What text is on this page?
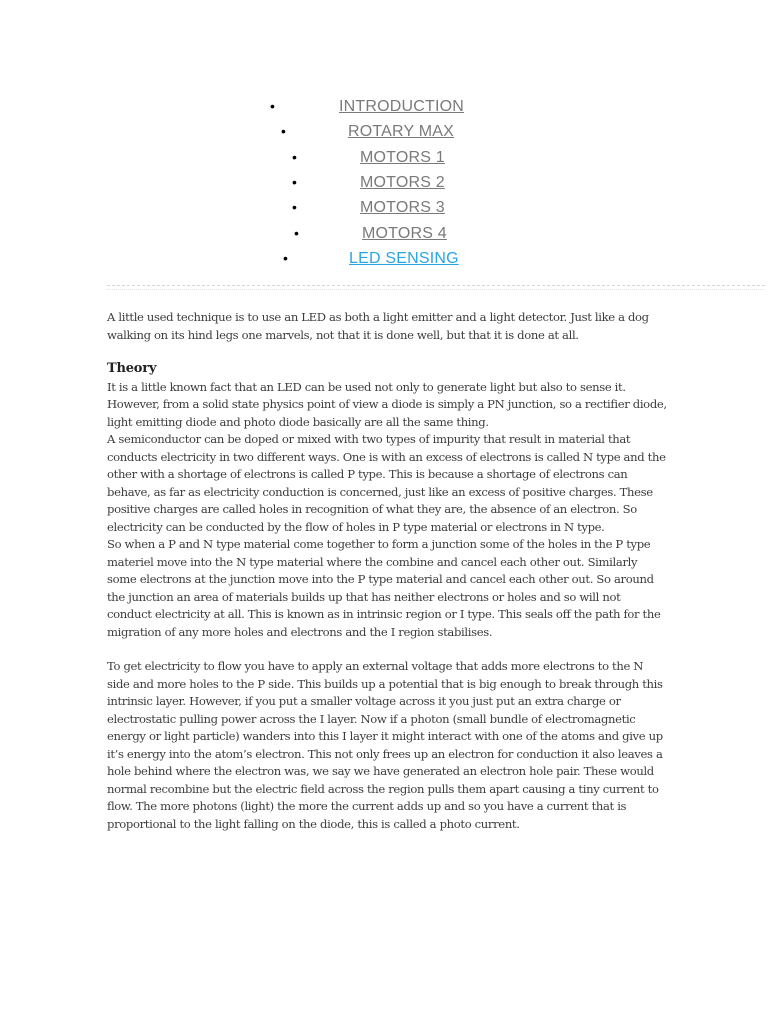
•	INTRODUCTION
•	ROTARY MAX
•	MOTORS 1
•	MOTORS 2
•	MOTORS 3
•	MOTORS 4
•	LED SENSING

A little used technique is to use an LED as both a light emitter and a light detector. Just like a dog walking on its hind legs one marvels, not that it is done well, but that it is done at all.

Theory

It is a little known fact that an LED can be used not only to generate light but also to sense it. However, from a solid state physics point of view a diode is simply a PN junction, so a rectifier diode, light emitting diode and photo diode basically are all the same thing.

A semiconductor can be doped or mixed with two types of impurity that result in material that conducts electricity in two different ways. One is with an excess of electrons is called N type and the other with a shortage of electrons is called P type. This is because a shortage of electrons can behave, as far as electricity conduction is concerned, just like an excess of positive charges. These positive charges are called holes in recognition of what they are, the absence of an electron. So electricity can be conducted by the flow of holes in P type material or electrons in N type.

So when a P and N type material come together to form a junction some of the holes in the P type materiel move into the N type material where the combine and cancel each other out. Similarly some electrons at the junction move into the P type material and cancel each other out. So around the junction an area of materials builds up that has neither electrons or holes and so will not conduct electricity at all. This is known as in intrinsic region or I type. This seals off the path for the migration of any more holes and electrons and the I region stabilises.

To get electricity to flow you have to apply an external voltage that adds more electrons to the N side and more holes to the P side. This builds up a potential that is big enough to break through this intrinsic layer. However, if you put a smaller voltage across it you just put an extra charge or electrostatic pulling power across the I layer. Now if a photon (small bundle of electromagnetic energy or light particle) wanders into this I layer it might interact with one of the atoms and give up it’s energy into the atom’s electron. This not only frees up an electron for conduction it also leaves a hole behind where the electron was, we say we have generated an electron hole pair. These would normal recombine but the electric field across the region pulls them apart causing a tiny current to flow. The more photons (light) the more the current adds up and so you have a current that is proportional to the light falling on the diode, this is called a photo current.
